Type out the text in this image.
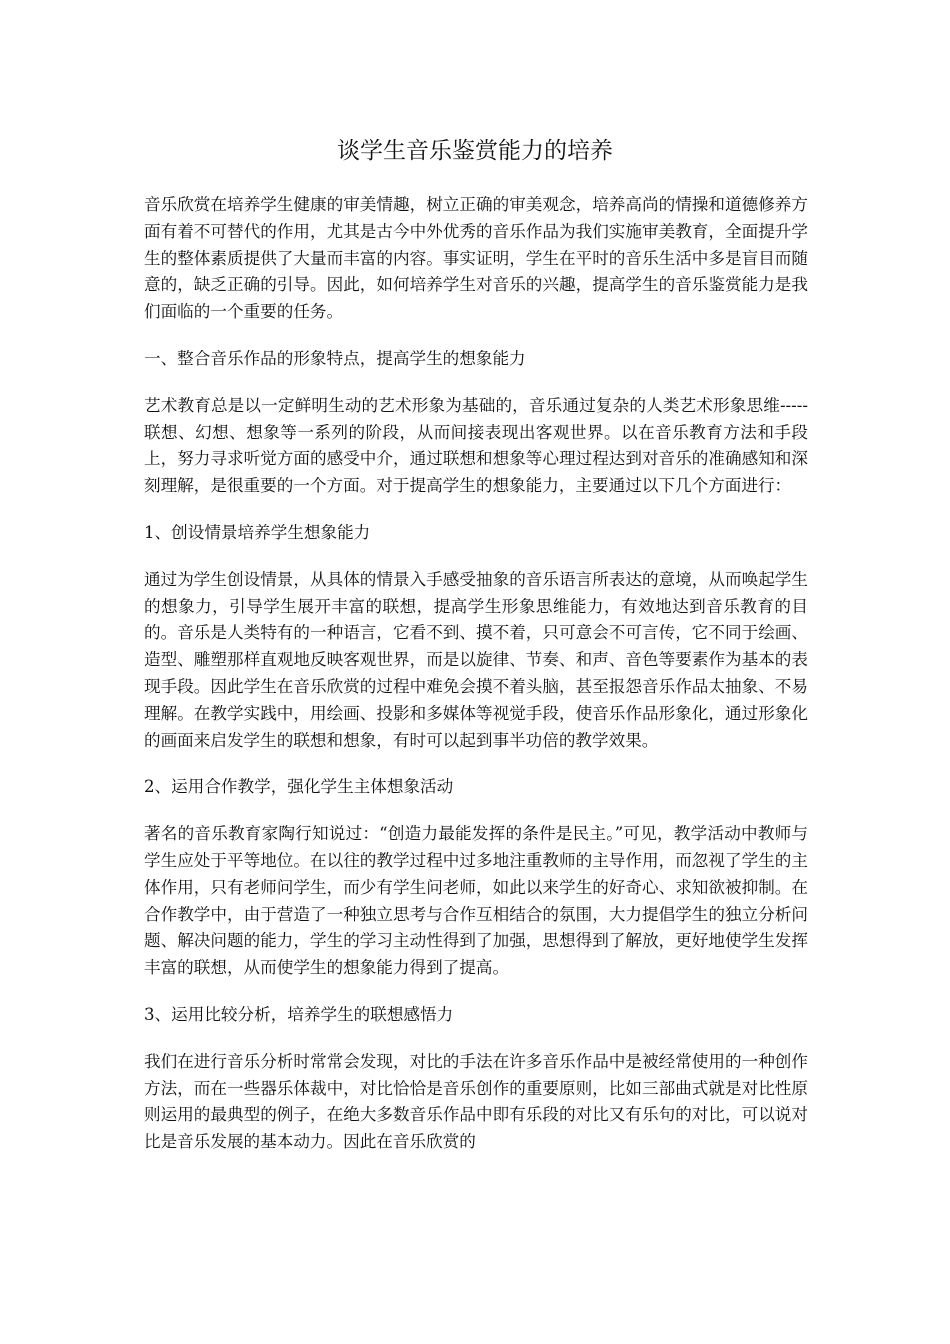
谈学生音乐鉴赏能力的培养

音乐欣赏在培养学生健康的审美情趣，树立正确的审美观念，培养高尚的情操和道德修养方面有着不可替代的作用，尤其是古今中外优秀的音乐作品为我们实施审美教育，全面提升学生的整体素质提供了大量而丰富的内容。事实证明，学生在平时的音乐生活中多是盲目而随意的，缺乏正确的引导。因此，如何培养学生对音乐的兴趣，提高学生的音乐鉴赏能力是我们面临的一个重要的任务。

一、整合音乐作品的形象特点，提高学生的想象能力

艺术教育总是以一定鲜明生动的艺术形象为基础的，音乐通过复杂的人类艺术形象思维-----联想、幻想、想象等一系列的阶段，从而间接表现出客观世界。以在音乐教育方法和手段上，努力寻求听觉方面的感受中介，通过联想和想象等心理过程达到对音乐的准确感知和深刻理解，是很重要的一个方面。对于提高学生的想象能力，主要通过以下几个方面进行：

1、创设情景培养学生想象能力

通过为学生创设情景，从具体的情景入手感受抽象的音乐语言所表达的意境，从而唤起学生的想象力，引导学生展开丰富的联想，提高学生形象思维能力，有效地达到音乐教育的目的。音乐是人类特有的一种语言，它看不到、摸不着，只可意会不可言传，它不同于绘画、造型、雕塑那样直观地反映客观世界，而是以旋律、节奏、和声、音色等要素作为基本的表现手段。因此学生在音乐欣赏的过程中难免会摸不着头脑，甚至报怨音乐作品太抽象、不易理解。在教学实践中，用绘画、投影和多媒体等视觉手段，使音乐作品形象化，通过形象化的画面来启发学生的联想和想象，有时可以起到事半功倍的教学效果。

2、运用合作教学，强化学生主体想象活动

著名的音乐教育家陶行知说过：“创造力最能发挥的条件是民主。”可见，教学活动中教师与学生应处于平等地位。在以往的教学过程中过多地注重教师的主导作用，而忽视了学生的主体作用，只有老师问学生，而少有学生问老师，如此以来学生的好奇心、求知欲被抑制。在合作教学中，由于营造了一种独立思考与合作互相结合的氛围，大力提倡学生的独立分析问题、解决问题的能力，学生的学习主动性得到了加强，思想得到了解放，更好地使学生发挥丰富的联想，从而使学生的想象能力得到了提高。

3、运用比较分析，培养学生的联想感悟力

我们在进行音乐分析时常常会发现，对比的手法在许多音乐作品中是被经常使用的一种创作方法，而在一些器乐体裁中，对比恰恰是音乐创作的重要原则，比如三部曲式就是对比性原则运用的最典型的例子，在绝大多数音乐作品中即有乐段的对比又有乐句的对比，可以说对比是音乐发展的基本动力。因此在音乐欣赏的
